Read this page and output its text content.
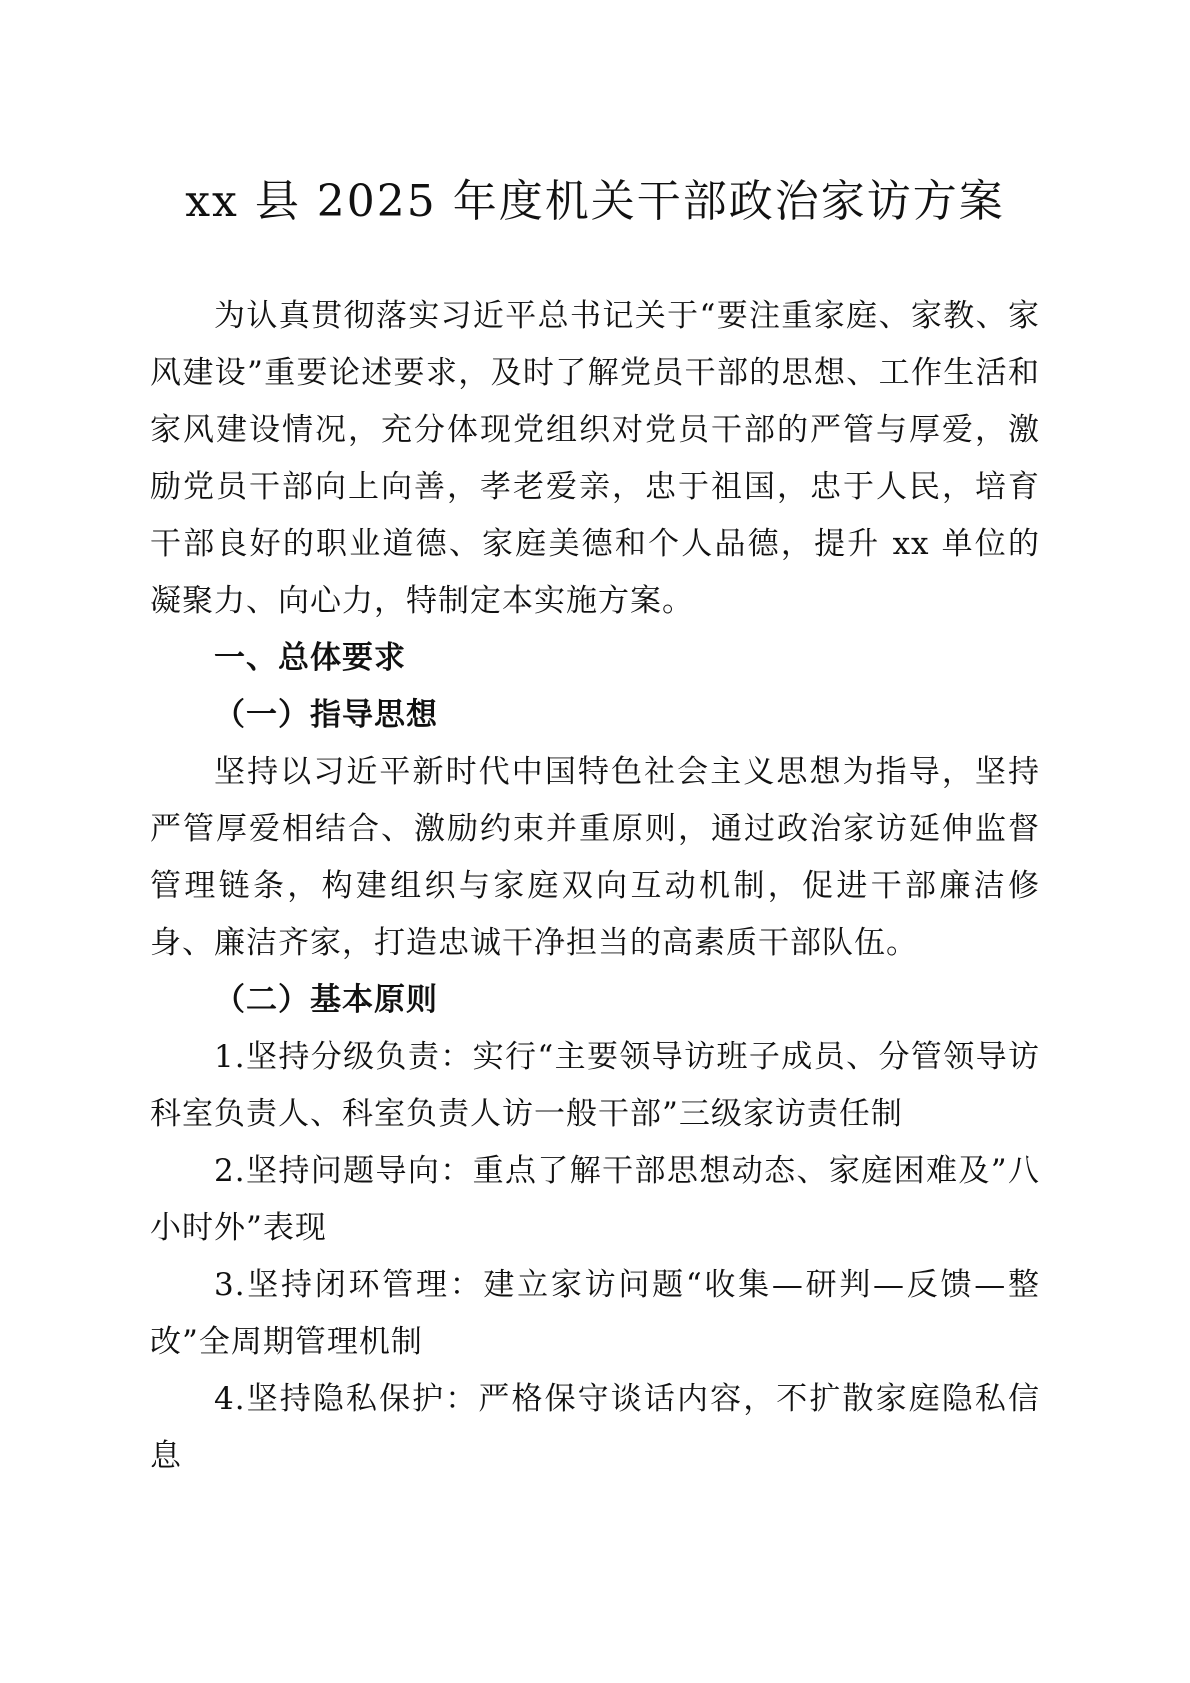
xx 县 2025 年度机关干部政治家访方案

为认真贯彻落实习近平总书记关于“要注重家庭、家教、家风建设”重要论述要求，及时了解党员干部的思想、工作生活和家风建设情况，充分体现党组织对党员干部的严管与厚爱，激励党员干部向上向善，孝老爱亲，忠于祖国，忠于人民，培育干部良好的职业道德、家庭美德和个人品德，提升 xx 单位的凝聚力、向心力，特制定本实施方案。

一、总体要求

（一）指导思想

坚持以习近平新时代中国特色社会主义思想为指导，坚持严管厚爱相结合、激励约束并重原则，通过政治家访延伸监督管理链条，构建组织与家庭双向互动机制，促进干部廉洁修身、廉洁齐家，打造忠诚干净担当的高素质干部队伍。

（二）基本原则

1.坚持分级负责：实行“主要领导访班子成员、分管领导访科室负责人、科室负责人访一般干部”三级家访责任制

2.坚持问题导向：重点了解干部思想动态、家庭困难及”八小时外”表现

3.坚持闭环管理：建立家访问题“收集—研判—反馈—整改”全周期管理机制

4.坚持隐私保护：严格保守谈话内容，不扩散家庭隐私信息
